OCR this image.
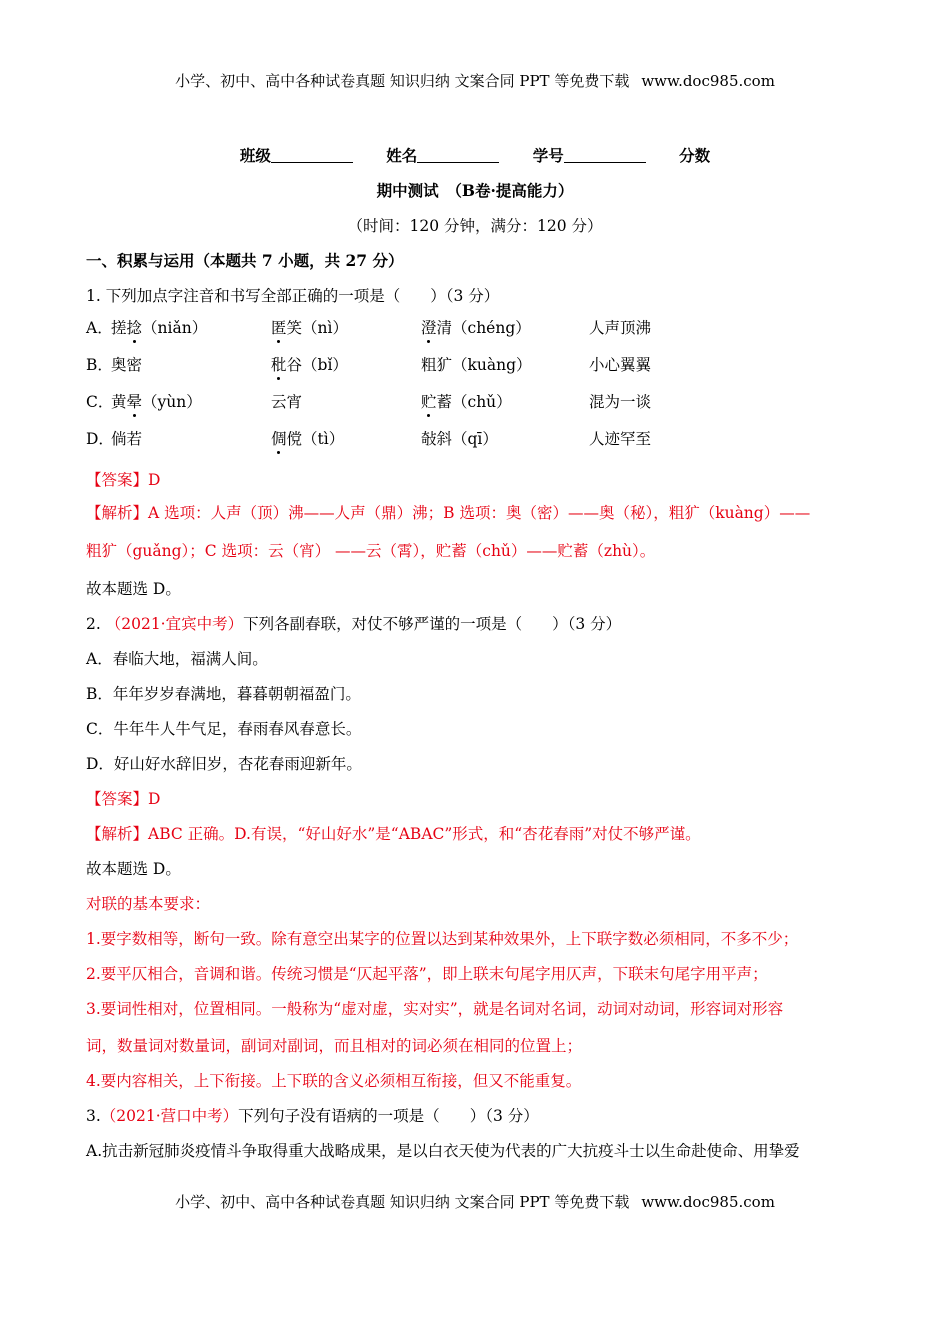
小学、初中、高中各种试卷真题 知识归纳 文案合同 PPT 等免费下载 www.doc985.com
班级	姓名	学号	分数
期中测试　（B卷·提高能力）
（时间：120 分钟，满分：120 分）
一、积累与运用（本题共 7 小题，共 27 分）
1. 下列加点字注音和书写全部正确的一项是（ ）（3 分）
A．
搓捻（niǎn）	匿笑（nì）	澄清（chéng）	人声顶沸
B．
奥密	秕谷（bǐ）	粗犷（kuàng）	小心翼翼
C．
黄晕（yùn）	云宵	贮蓄（chǔ）	混为一谈
D．
倘若	倜傥（tì）	敧斜（qī）	人迹罕至
【答案】D
【解析】A 选项：人声（顶）沸——人声（鼎）沸；B 选项：奥（密）——奥（秘），粗犷（kuàng）——
粗犷（guǎng）；C 选项：云（宵） ——云（霄），贮蓄（chǔ）——贮蓄（zhù）。
故本题选 D。
2. （2021·宜宾中考）下列各副春联，对仗不够严谨的一项是（ ）（3 分）
A．春临大地，福满人间。
B．年年岁岁春满地，暮暮朝朝福盈门。
C．牛年牛人牛气足，春雨春风春意长。
D．好山好水辞旧岁，杏花春雨迎新年。
【答案】D
【解析】ABC 正确。D.有误，“好山好水”是“ABAC”形式，和“杏花春雨”对仗不够严谨。
故本题选 D。
对联的基本要求：
1.要字数相等，断句一致。除有意空出某字的位置以达到某种效果外，上下联字数必须相同，不多不少；
2.要平仄相合，音调和谐。传统习惯是“仄起平落”，即上联末句尾字用仄声，下联末句尾字用平声；
3.要词性相对，位置相同。一般称为“虚对虚，实对实”，就是名词对名词，动词对动词，形容词对形容
词，数量词对数量词，副词对副词，而且相对的词必须在相同的位置上；
4.要内容相关，上下衔接。上下联的含义必须相互衔接，但又不能重复。
3.（2021·营口中考）下列句子没有语病的一项是（ ）（3 分）
A.抗击新冠肺炎疫情斗争取得重大战略成果，是以白衣天使为代表的广大抗疫斗士以生命赴使命、用挚爱
小学、初中、高中各种试卷真题 知识归纳 文案合同 PPT 等免费下载 www.doc985.com
